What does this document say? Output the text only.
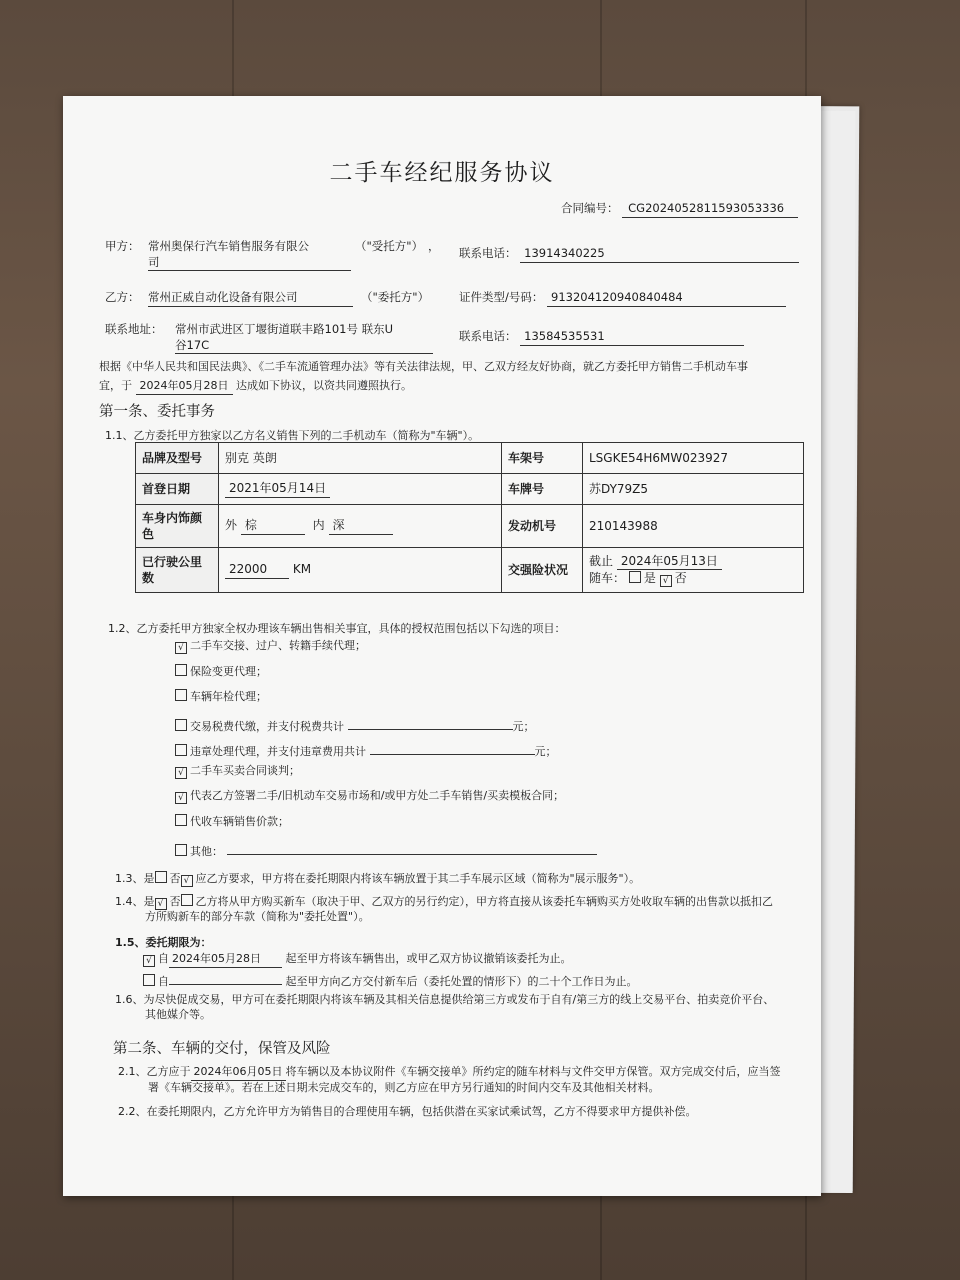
二手车经纪服务协议
合同编号： CG20240528115930533​36
甲方： 常州奥保行汽车销售服务有限公
司
（"受托方"） ， 联系电话： 13914340225
乙方： 常州正威自动化设备有限公司	（"委托方"）	证件类型/号码： 913204120940840484
联系地址： 常州市武进区丁堰街道联丰路101号 联东U
谷17C
联系电话： 13584535531
根据《中华人民共和国民法典》、《二手车流通管理办法》等有关法律法规，甲、乙双方经友好协商，就乙方委托甲方销售二手机动车事
宜，于 2024年05月28日 达成如下协议，以资共同遵照执行。
第一条、委托事务
1.1、乙方委托甲方独家以乙方名义销售下列的二手机动车（简称为"车辆"）。
品牌及型号	别克 英朗	车架号	LSGKE54H6MW023927
首登日期	2021年05月14日	车牌号	苏DY79Z5
车身内饰颜色	外 棕 内 深	发动机号	210143988
已行驶公里数	22000 KM	交强险状况	截止 2024年05月13日
随车： 是 √ 否
1.2、乙方委托甲方独家全权办理该车辆出售相关事宜，具体的授权范围包括以下勾选的项目：
√ 二手车交接、过户、转籍手续代理；
保险变更代理；
车辆年检代理；
交易税费代缴，并支付税费共计	元；
违章处理代理，并支付违章费用共计	元；
√ 二手车买卖合同谈判；
√ 代表乙方签署二手/旧机动车交易市场和/或甲方处二手车销售/买卖模板合同；
代收车辆销售价款；
其他：
1.3、是 否 √ 应乙方要求，甲方将在委托期限内将该车辆放置于其二手车展示区域（简称为"展示服务"）。
1.4、是 √ 否 乙方将从甲方购买新车（取决于甲、乙双方的另行约定），甲方将直接从该委托车辆购买方处收取车辆的出售款以抵扣乙
方所购新车的部分车款（简称为"委托处置"）。
1.5、委托期限为：
√ 自 2024年05月28日 起至甲方将该车辆售出，或甲乙双方协议撤销该委托为止。
自	起至甲方向乙方交付新车后（委托处置的情形下）的二十个工作日为止。
1.6、为尽快促成交易，甲方可在委托期限内将该车辆及其相关信息提供给第三方或发布于自有/第三方的线上交易平台、拍卖竞价平台、
其他媒介等。
第二条、车辆的交付，保管及风险
2.1、乙方应于 2024年06月05日 将车辆以及本协议附件《车辆交接单》所约定的随车材料与文件交甲方保管。双方完成交付后，应当签
署《车辆交接单》。若在上述日期未完成交车的，则乙方应在甲方另行通知的时间内交车及其他相关材料。
2.2、在委托期限内，乙方允许甲方为销售目的合理使用车辆，包括供潜在买家试乘试驾，乙方不得要求甲方提供补偿。
